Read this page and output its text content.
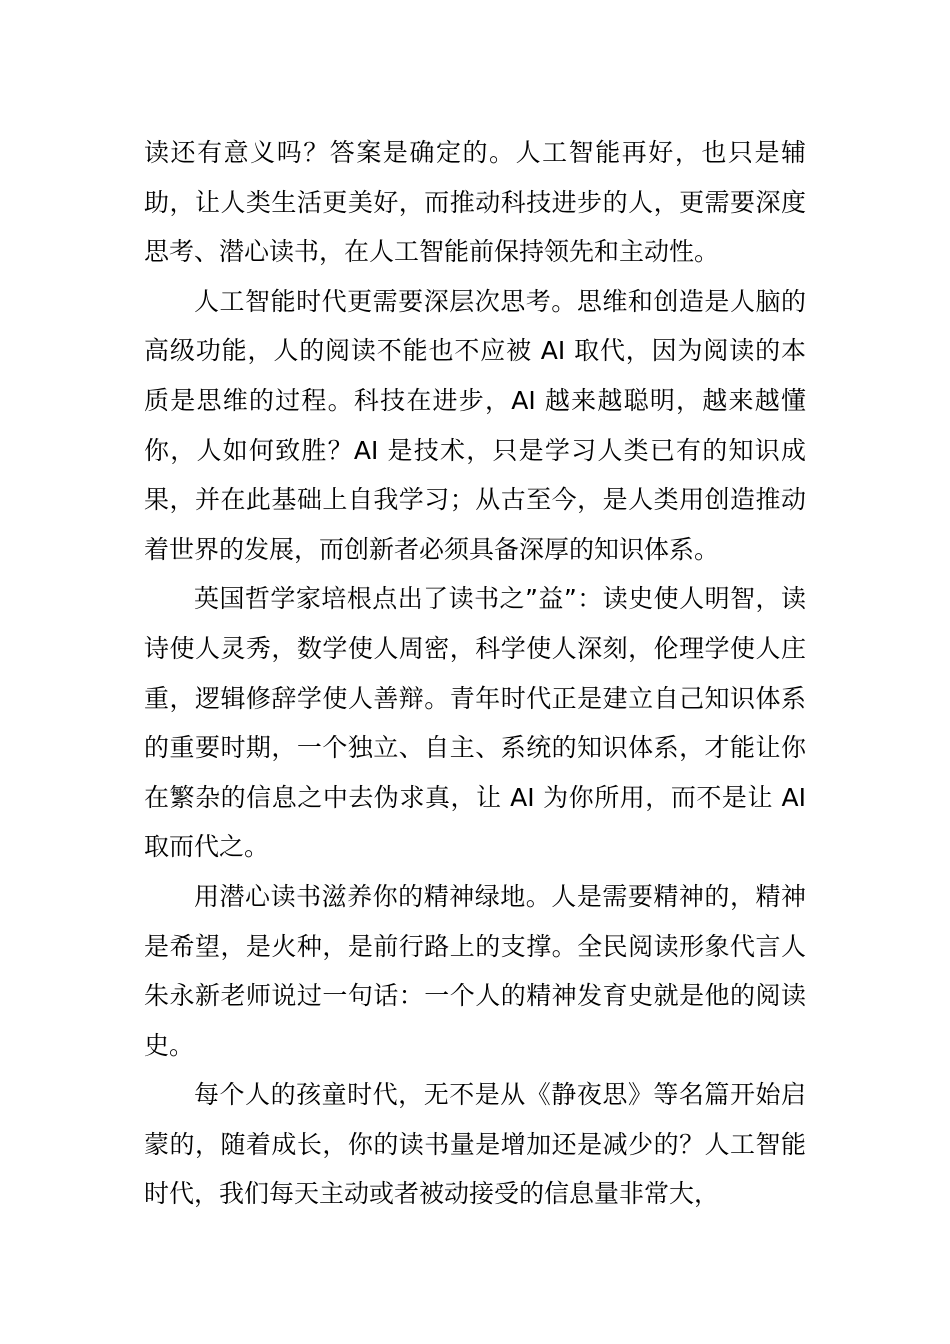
读还有意义吗？答案是确定的。人工智能再好，也只是辅助，让人类生活更美好，而推动科技进步的人，更需要深度思考、潜心读书，在人工智能前保持领先和主动性。

人工智能时代更需要深层次思考。思维和创造是人脑的高级功能，人的阅读不能也不应被 AI 取代，因为阅读的本质是思维的过程。科技在进步，AI 越来越聪明，越来越懂你，人如何致胜？AI 是技术，只是学习人类已有的知识成果，并在此基础上自我学习；从古至今，是人类用创造推动着世界的发展，而创新者必须具备深厚的知识体系。

英国哲学家培根点出了读书之”益”：读史使人明智，读诗使人灵秀，数学使人周密，科学使人深刻，伦理学使人庄重，逻辑修辞学使人善辩。青年时代正是建立自己知识体系的重要时期，一个独立、自主、系统的知识体系，才能让你在繁杂的信息之中去伪求真，让 AI 为你所用，而不是让 AI 取而代之。

用潜心读书滋养你的精神绿地。人是需要精神的，精神是希望，是火种，是前行路上的支撑。全民阅读形象代言人朱永新老师说过一句话：一个人的精神发育史就是他的阅读史。

每个人的孩童时代，无不是从《静夜思》等名篇开始启蒙的，随着成长，你的读书量是增加还是减少的？人工智能时代，我们每天主动或者被动接受的信息量非常大，
